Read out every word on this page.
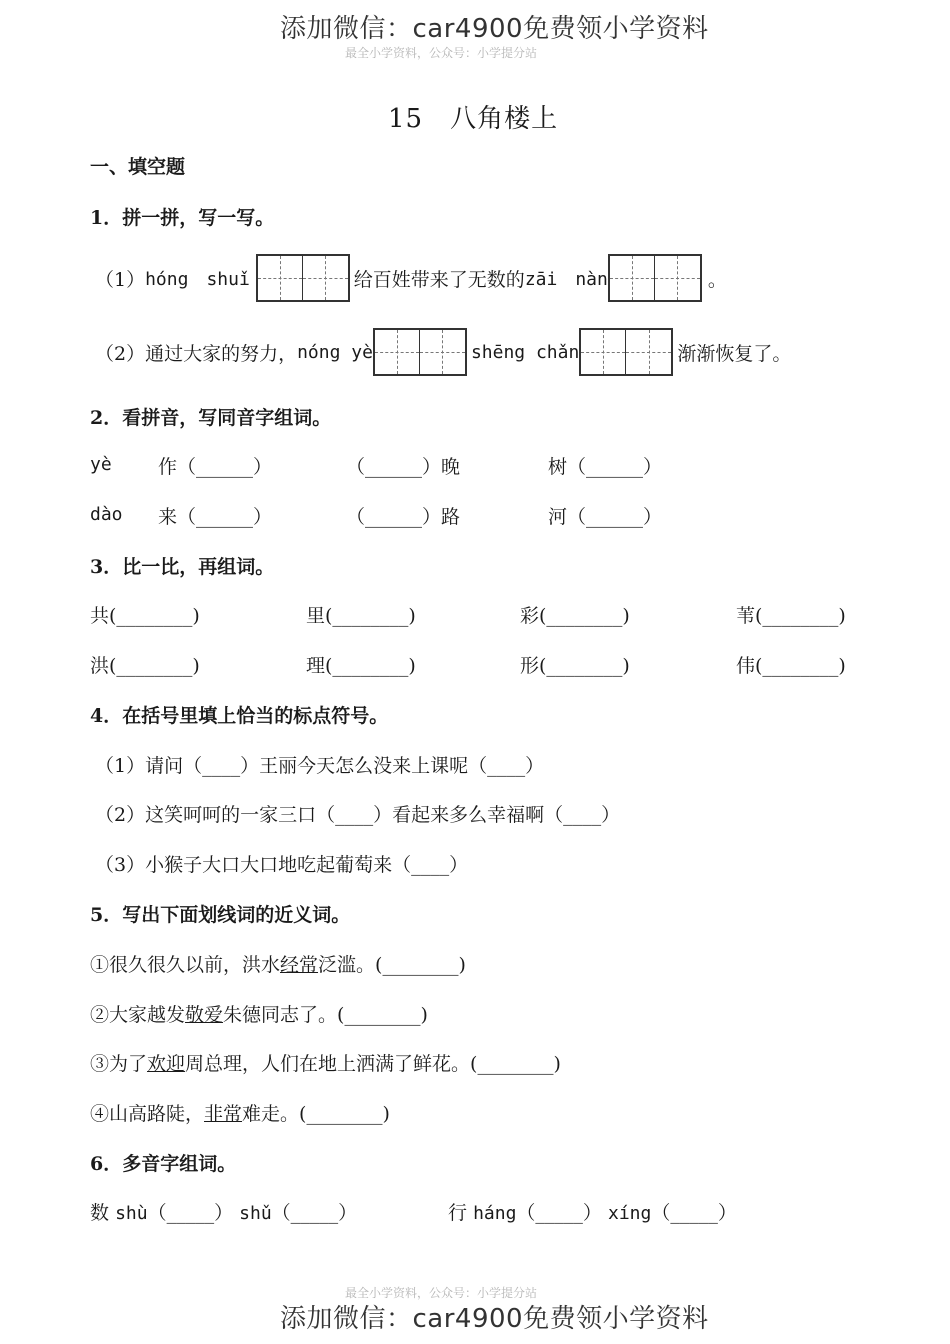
添加微信：car4900免费领小学资料
最全小学资料，公众号：小学提分站
15　八角楼上
一、填空题
1．拼一拼，写一写。
（1） hóng　shuǐ	给百姓带来了无数的 zāi　nàn	。
（2）通过大家的努力， nóng yè	shēng chǎn	渐渐恢复了。
2．看拼音，写同音字组词。
yè 作（______）	（______）晚	树（______）
dào 来（______）	（______）路	河（______）
3．比一比，再组词。
共(________)	里(________)	彩(________)	苇(________)
洪(________)	理(________)	形(________)	伟(________)
4．在括号里填上恰当的标点符号。
（1）请问（____）王丽今天怎么没来上课呢（____）
（2）这笑呵呵的一家三口（____）看起来多么幸福啊（____）
（3）小猴子大口大口地吃起葡萄来（____）
5．写出下面划线词的近义词。
①很久很久以前，洪水经常泛滥。(________)
②大家越发敬爱朱德同志了。(________)
③为了欢迎周总理，人们在地上洒满了鲜花。(________)
④山高路陡，非常难走。(________)
6．多音字组词。
数 shù（_____） shǔ（_____）	行 háng（_____） xíng（_____）
最全小学资料，公众号：小学提分站
添加微信：car4900免费领小学资料
